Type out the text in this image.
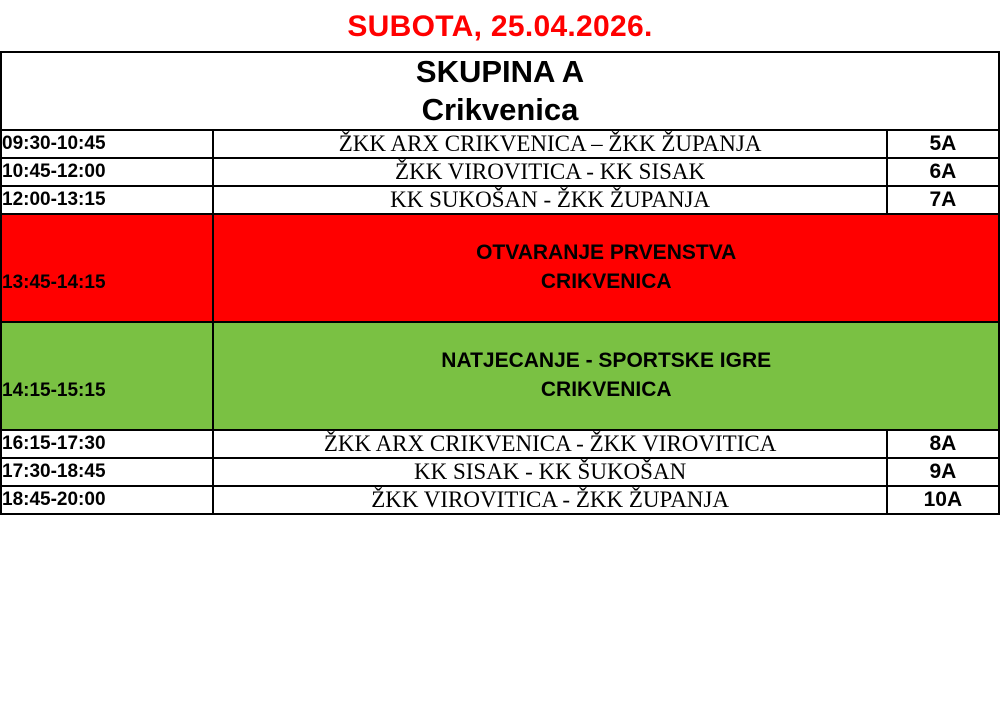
SUBOTA, 25.04.2026.
SKUPINA A
Crikvenica		

09:30-10:45	ŽKK ARX CRIKVENICA – ŽKK ŽUPANJA	5A
10:45-12:00	ŽKK VIROVITICA - KK SISAK	6A
12:00-13:15	KK SUKOŠAN - ŽKK ŽUPANJA	7A
13:45-14:15	OTVARANJE PRVENSTVA
CRIKVENICA	

14:15-15:15	NATJECANJE - SPORTSKE IGRE
CRIKVENICA	

16:15-17:30	ŽKK ARX CRIKVENICA - ŽKK VIROVITICA	8A
17:30-18:45	KK SISAK - KK ŠUKOŠAN	9A
18:45-20:00	ŽKK VIROVITICA - ŽKK ŽUPANJA	10A
